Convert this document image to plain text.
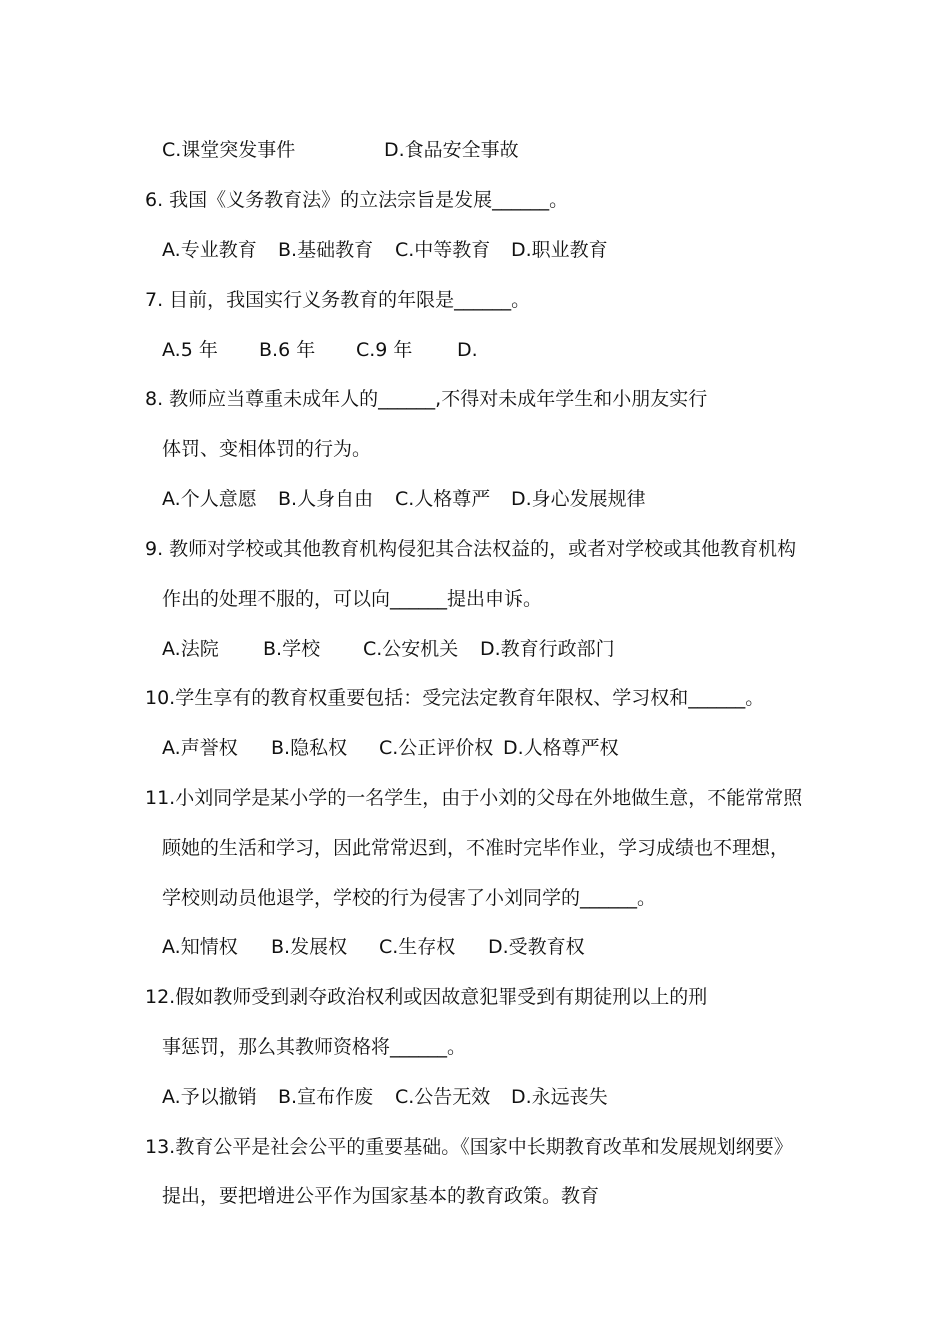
C.课堂突发事件	D.食品安全事故
6. 我国《义务教育法》的立法宗旨是发展______。
A.专业教育 B.基础教育 C.中等教育 D.职业教育
7. 目前，我国实行义务教育的年限是______。
A.5 年 B.6 年 C.9 年 D.
8. 教师应当尊重未成年人的______,不得对未成年学生和小朋友实行
体罚、变相体罚的行为。
A.个人意愿 B.人身自由 C.人格尊严 D.身心发展规律
9. 教师对学校或其他教育机构侵犯其合法权益的，或者对学校或其他教育机构
作出的处理不服的，可以向______提出申诉。
A.法院 B.学校 C.公安机关 D.教育行政部门
10.学生享有的教育权重要包括：受完法定教育年限权、学习权和______。
A.声誉权 B.隐私权 C.公正评价权 D.人格尊严权
11.小刘同学是某小学的一名学生，由于小刘的父母在外地做生意，不能常常照
顾她的生活和学习，因此常常迟到，不准时完毕作业，学习成绩也不理想，
学校则动员他退学，学校的行为侵害了小刘同学的______。
A.知情权 B.发展权 C.生存权 D.受教育权
12.假如教师受到剥夺政治权利或因故意犯罪受到有期徒刑以上的刑
事惩罚，那么其教师资格将______。
A.予以撤销 B.宣布作废 C.公告无效 D.永远丧失
13.教育公平是社会公平的重要基础。《国家中长期教育改革和发展规划纲要》
提出，要把增进公平作为国家基本的教育政策。教育
